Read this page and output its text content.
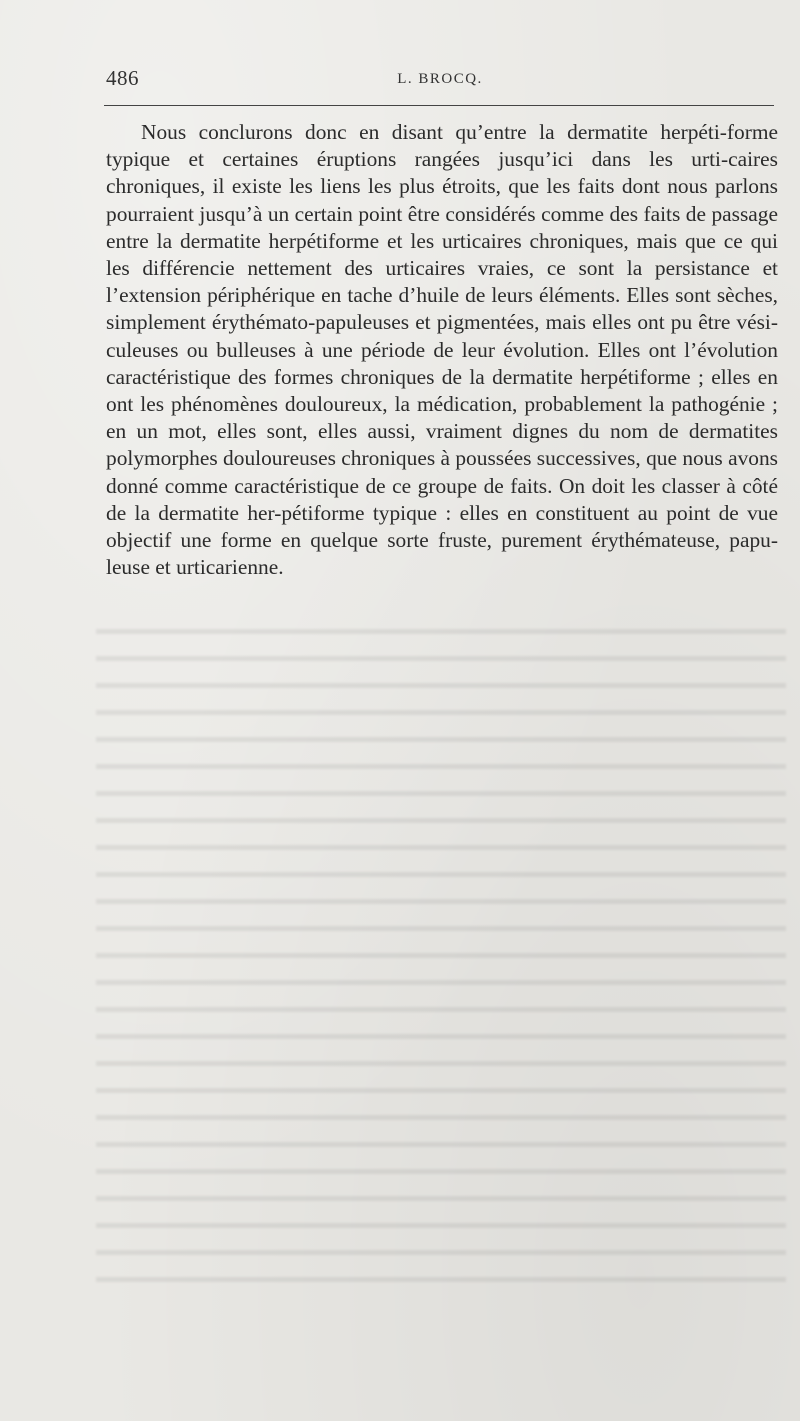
486	L. BROCQ.

Nous conclurons donc en disant qu’entre la dermatite herpéti-forme typique et certaines éruptions rangées jusqu’ici dans les urti-caires chroniques, il existe les liens les plus étroits, que les faits dont nous parlons pourraient jusqu’à un certain point être considérés comme des faits de passage entre la dermatite herpétiforme et les urticaires chroniques, mais que ce qui les différencie nettement des urticaires vraies, ce sont la persistance et l’extension périphérique en tache d’huile de leurs éléments. Elles sont sèches, simplement érythémato-papuleuses et pigmentées, mais elles ont pu être vési-culeuses ou bulleuses à une période de leur évolution. Elles ont l’évolution caractéristique des formes chroniques de la dermatite herpétiforme ; elles en ont les phénomènes douloureux, la médication, probablement la pathogénie ; en un mot, elles sont, elles aussi, vraiment dignes du nom de dermatites polymorphes douloureuses chroniques à poussées successives, que nous avons donné comme caractéristique de ce groupe de faits. On doit les classer à côté de la dermatite her-pétiforme typique : elles en constituent au point de vue objectif une forme en quelque sorte fruste, purement érythémateuse, papu-leuse et urticarienne.
